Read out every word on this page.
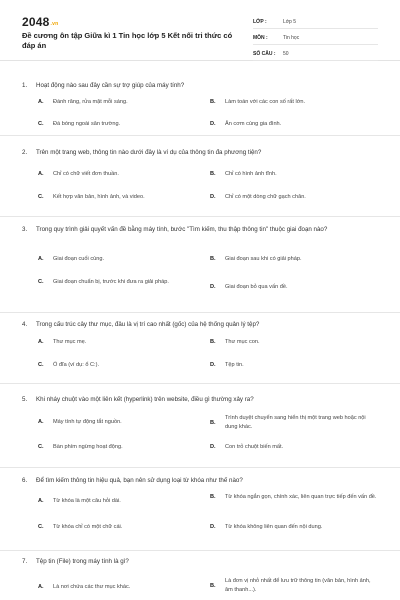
$2048^{.vn}$
Đề cương ôn tập Giữa kì 1 Tin học lớp 5 Kết nối tri thức có đáp án
LỚP :	Lớp 5
MÔN :	Tin học
SỐ CÂU :	50
1. Hoạt động nào sau đây cần sự trợ giúp của máy tính?
A.	Đánh răng, rửa mặt mỗi sáng.	B.	Làm toán với các con số rất lớn.
C.	Đá bóng ngoài sân trường.	D.	Ăn cơm cùng gia đình.
2. Trên một trang web, thông tin nào dưới đây là ví dụ của thông tin đa phương tiện?
A.	Chỉ có chữ viết đơn thuần.	B.	Chỉ có hình ảnh tĩnh.
C.	Kết hợp văn bản, hình ảnh, và video.	D.	Chỉ có một dòng chữ gạch chân.
3. Trong quy trình giải quyết vấn đề bằng máy tính, bước "Tìm kiếm, thu thập thông tin" thuộc giai đoạn nào?
A.	Giai đoạn cuối cùng.	B.	Giai đoạn sau khi có giải pháp.
C.	Giai đoạn chuẩn bị, trước khi đưa ra giải pháp.
D.	Giai đoạn bỏ qua vấn đề.
4. Trong cấu trúc cây thư mục, đâu là vị trí cao nhất (gốc) của hệ thống quản lý tệp?
A.	Thư mục mẹ.	B.	Thư mục con.
C.	Ổ đĩa (ví dụ: ổ C:).	D.	Tệp tin.
5. Khi nháy chuột vào một liên kết (hyperlink) trên website, điều gì thường xảy ra?
A.	Máy tính tự động tắt nguồn.	B.
Trình duyệt chuyển sang hiển thị một trang web hoặc nội dung khác.
C.	Bàn phím ngừng hoạt động.	D.	Con trỏ chuột biến mất.
6. Để tìm kiếm thông tin hiệu quả, bạn nên sử dụng loại từ khóa như thế nào?
A.	Từ khóa là một câu hỏi dài.
B.	Từ khóa ngắn gọn, chính xác, liên quan trực tiếp đến vấn đề.
C.	Từ khóa chỉ có một chữ cái.	D.	Từ khóa không liên quan đến nội dung.
7. Tệp tin (File) trong máy tính là gì?
A.	Là nơi chứa các thư mục khác.	B.
Là đơn vị nhỏ nhất để lưu trữ thông tin (văn bản, hình ảnh, âm thanh...).
